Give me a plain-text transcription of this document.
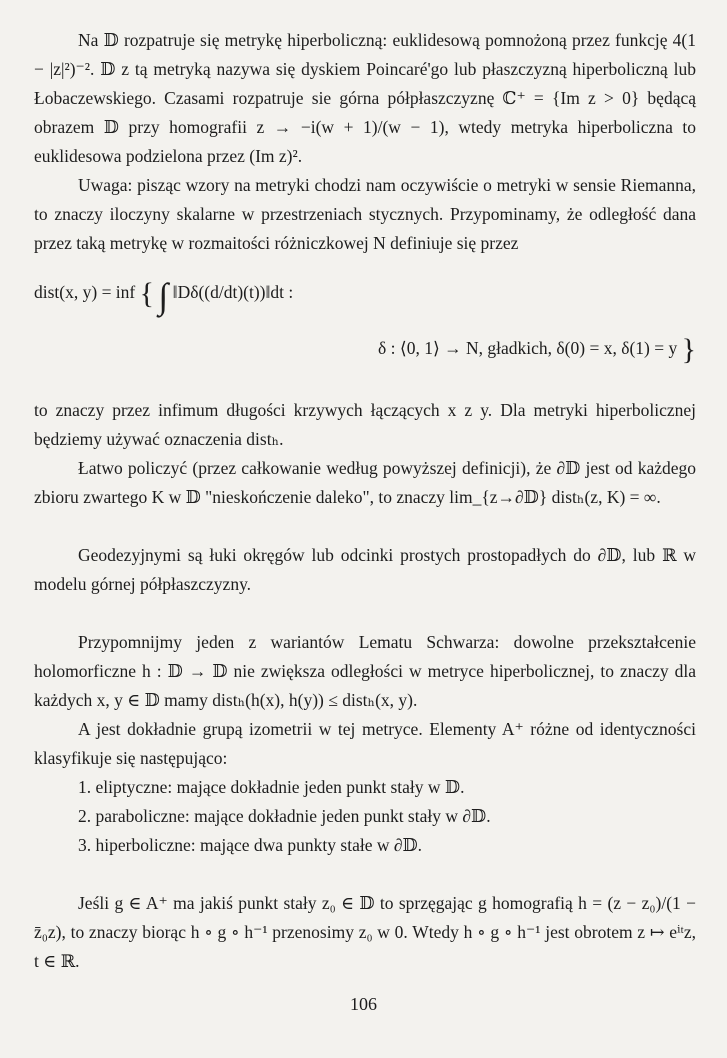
Na 𝔻 rozpatruje się metrykę hiperboliczną: euklidesową pomnożoną przez funkcję 4(1 − |z|²)⁻². 𝔻 z tą metryką nazywa się dyskiem Poincaré'go lub płaszczyzną hiperboliczną lub Łobaczewskiego. Czasami rozpatruje sie górna półpłaszczyznę ℂ⁺ = {Im z > 0} będącą obrazem 𝔻 przy homografii z → −i(w + 1)/(w − 1), wtedy metryka hiperboliczna to euklidesowa podzielona przez (Im z)².

Uwaga: pisząc wzory na metryki chodzi nam oczywiście o metryki w sensie Riemanna, to znaczy iloczyny skalarne w przestrzeniach stycznych. Przypominamy, że odległość dana przez taką metrykę w rozmaitości różniczkowej N definiuje się przez

dist(x, y) = inf { ∫ ‖Dδ((d/dt)(t))‖dt :
δ : ⟨0, 1⟩ → N, gładkich, δ(0) = x, δ(1) = y }

to znaczy przez infimum długości krzywych łączących x z y. Dla metryki hiperbolicznej będziemy używać oznaczenia distₕ.

Łatwo policzyć (przez całkowanie według powyższej definicji), że ∂𝔻 jest od każdego zbioru zwartego K w 𝔻 "nieskończenie daleko", to znaczy lim_{z→∂𝔻} distₕ(z, K) = ∞.

Geodezyjnymi są łuki okręgów lub odcinki prostych prostopadłych do ∂𝔻, lub ℝ w modelu górnej półpłaszczyzny.

Przypomnijmy jeden z wariantów Lematu Schwarza: dowolne przekształcenie holomorficzne h : 𝔻 → 𝔻 nie zwiększa odległości w metryce hiperbolicznej, to znaczy dla każdych x, y ∈ 𝔻 mamy distₕ(h(x), h(y)) ≤ distₕ(x, y).

A jest dokładnie grupą izometrii w tej metryce. Elementy A⁺ różne od identyczności klasyfikuje się następująco:

1. eliptyczne: mające dokładnie jeden punkt stały w 𝔻.

2. paraboliczne: mające dokładnie jeden punkt stały w ∂𝔻.

3. hiperboliczne: mające dwa punkty stałe w ∂𝔻.

Jeśli g ∈ A⁺ ma jakiś punkt stały z₀ ∈ 𝔻 to sprzęgając g homografią h = (z − z₀)/(1 − z̄₀z), to znaczy biorąc h ∘ g ∘ h⁻¹ przenosimy z₀ w 0. Wtedy h ∘ g ∘ h⁻¹ jest obrotem z ↦ eⁱᵗz, t ∈ ℝ.

106
